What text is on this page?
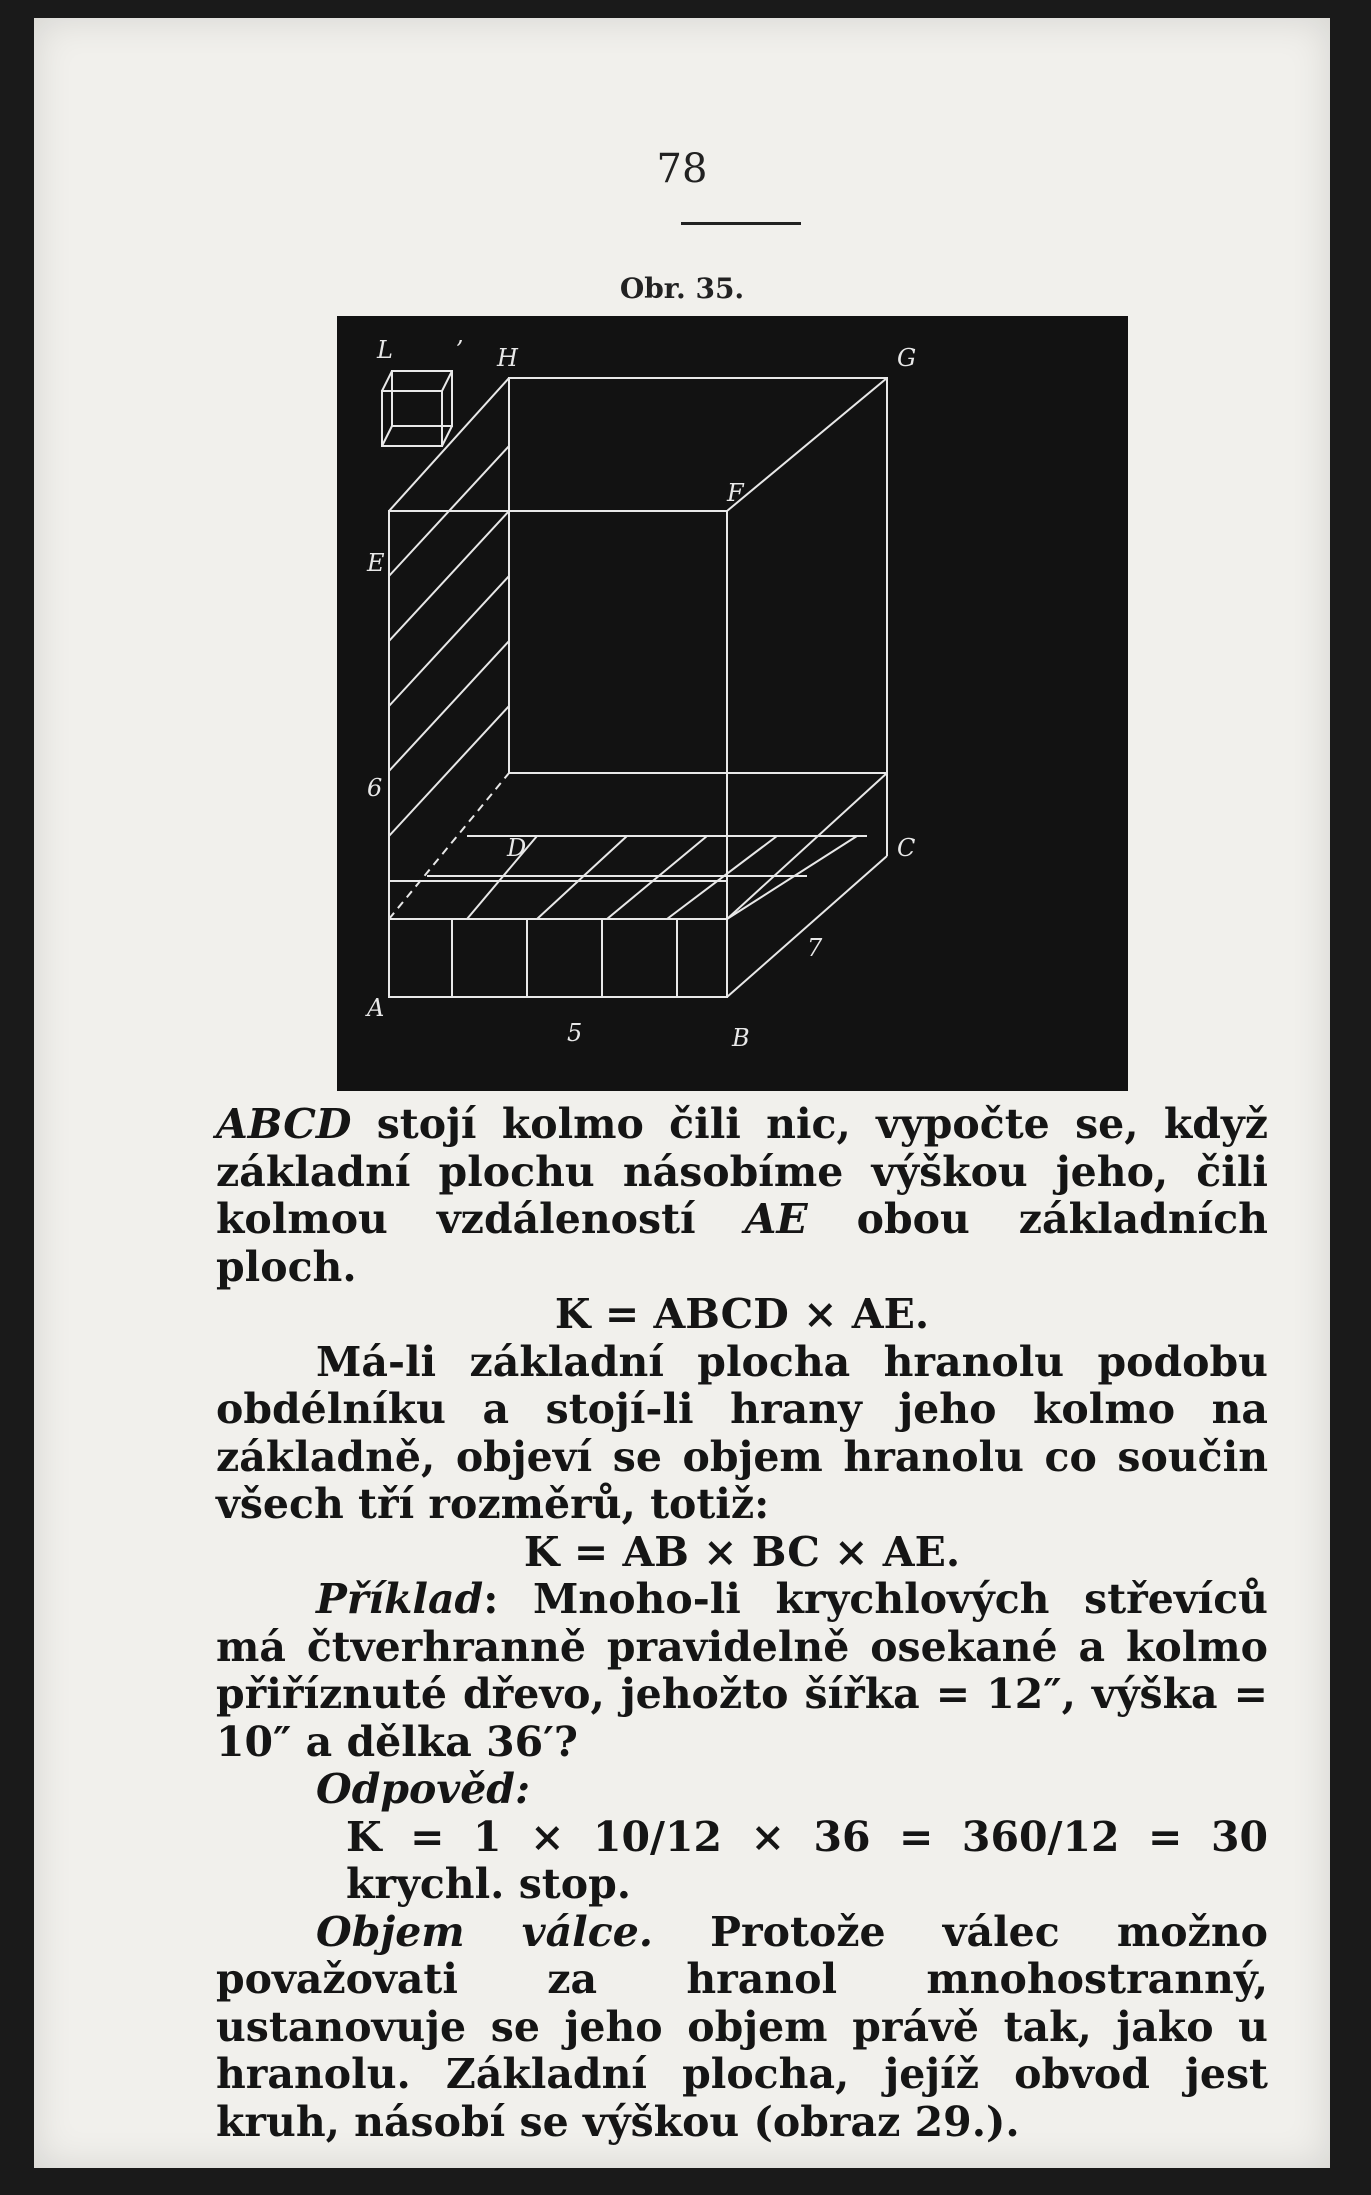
78
Obr. 35.
L	ʼ H	G
F
E
D	C
A
B
5
6
7

ABCD stojí kolmo čili nic, vypočte se, když základní plochu násobíme výškou jeho, čili kolmou vzdáleností AE obou základních ploch.

K = ABCD × AE.

Má-li základní plocha hranolu podobu obdélníku a stojí-li hrany jeho kolmo na základně, objeví se objem hranolu co součin všech tří rozměrů, totiž:

K = AB × BC × AE.

Příklad: Mnoho-li krychlových střevíců má čtverhranně pravidelně osekané a kolmo přiříznuté dřevo, jehožto šířka = 12″, výška = 10″ a dělka 36′?

Odpověd:

K = 1 × 10/12 × 36 = 360/12 = 30 krychl. stop.

Objem válce. Protože válec možno považovati za hranol mnohostranný, ustanovuje se jeho objem právě tak, jako u hranolu. Základní plocha, jejíž obvod jest kruh, násobí se výškou (obraz 29.).
